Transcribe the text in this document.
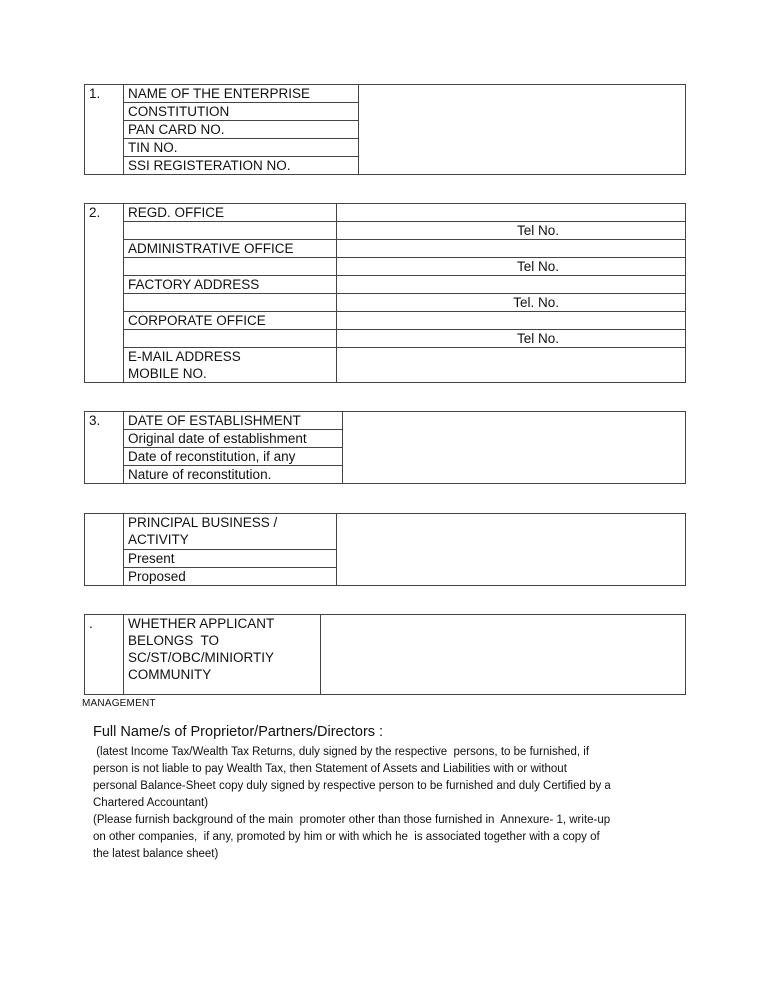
1.	NAME OF THE ENTERPRISE	
	CONSTITUTION	
	PAN CARD NO.	
	TIN NO.	
	SSI REGISTERATION NO.	
2.	REGD. OFFICE	
		Tel No.
	ADMINISTRATIVE OFFICE	
		Tel No.
	FACTORY ADDRESS	
		Tel. No.
	CORPORATE OFFICE	
		Tel No.

	E-MAIL ADDRESS
MOBILE NO.	

3.	DATE OF ESTABLISHMENT	
	Original date of establishment	
	Date of reconstitution, if any	
	Nature of reconstitution.	

	PRINCIPAL BUSINESS /
ACTIVITY	

	Present	
	Proposed	
.	WHETHER APPLICANT
BELONGS  TO
SC/ST/OBC/MINIORTIY
COMMUNITY

MANAGEMENT
Full Name/s of Proprietor/Partners/Directors :
(latest Income Tax/Wealth Tax Returns, duly signed by the respective  persons, to be furnished, if
person is not liable to pay Wealth Tax, then Statement of Assets and Liabilities with or without
personal Balance-Sheet copy duly signed by respective person to be furnished and duly Certified by a
Chartered Accountant)
(Please furnish background of the main  promoter other than those furnished in  Annexure- 1, write-up
on other companies,  if any, promoted by him or with which he  is associated together with a copy of
the latest balance sheet)
